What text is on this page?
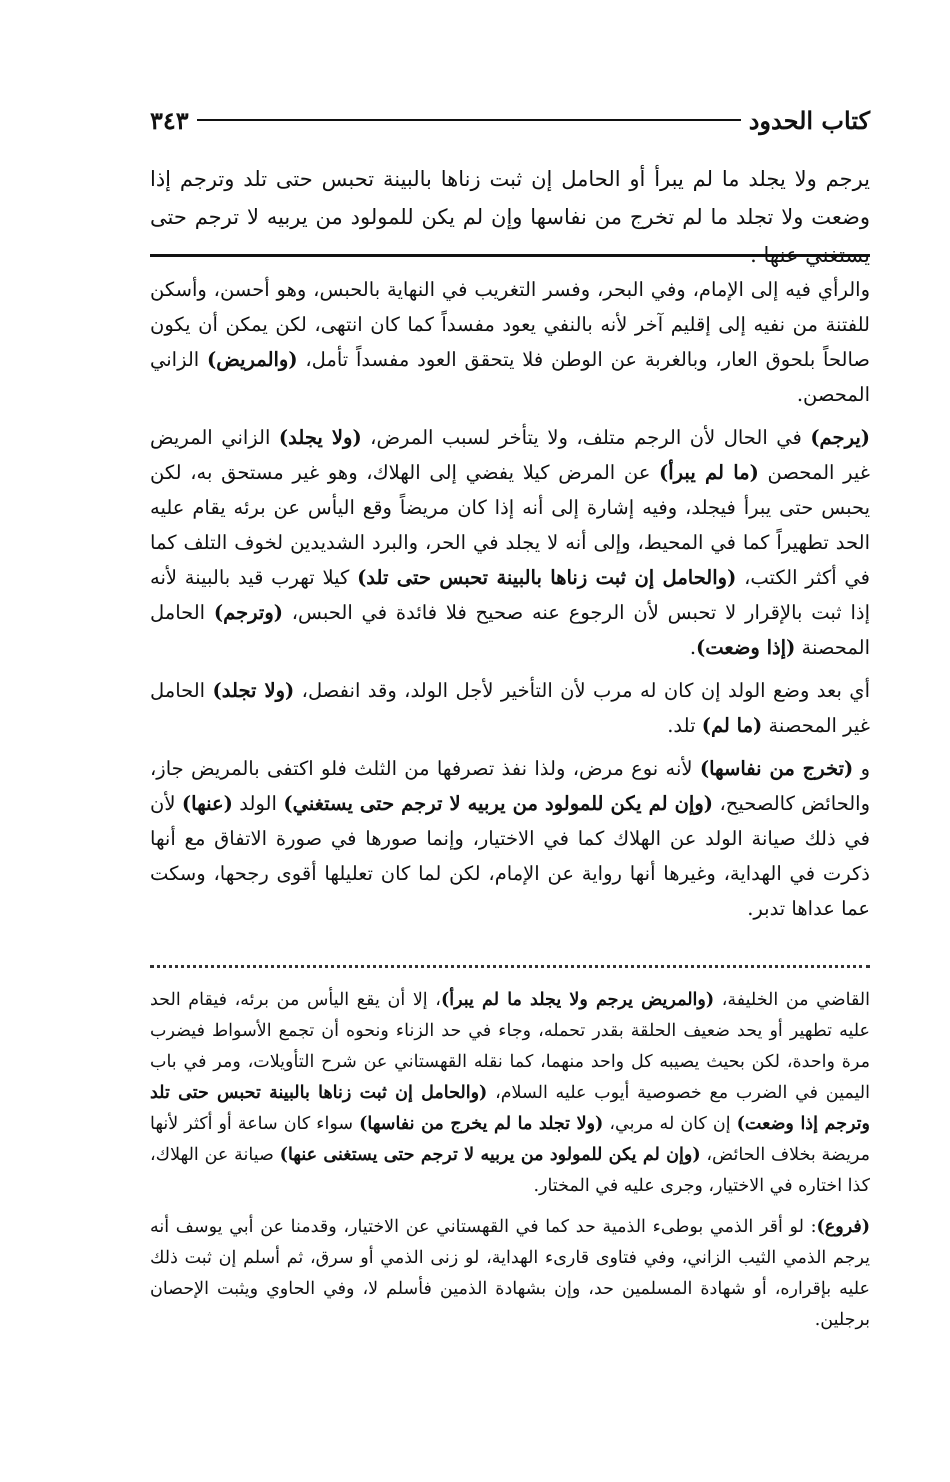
كتاب الحدود
٣٤٣
يرجم ولا يجلد ما لم يبرأ أو الحامل إن ثبت زناها بالبينة تحبس حتى تلد وترجم إذا وضعت ولا تجلد ما لم تخرج من نفاسها وإن لم يكن للمولود من يربيه لا ترجم حتى يستغني عنها .

والرأي فيه إلى الإمام، وفي البحر، وفسر التغريب في النهاية بالحبس، وهو أحسن، وأسكن للفتنة من نفيه إلى إقليم آخر لأنه بالنفي يعود مفسداً كما كان انتهى، لكن يمكن أن يكون صالحاً بلحوق العار، وبالغربة عن الوطن فلا يتحقق العود مفسداً تأمل، (والمريض) الزاني المحصن.

(يرجم) في الحال لأن الرجم متلف، ولا يتأخر لسبب المرض، (ولا يجلد) الزاني المريض غير المحصن (ما لم يبرأ) عن المرض كيلا يفضي إلى الهلاك، وهو غير مستحق به، لكن يحبس حتى يبرأ فيجلد، وفيه إشارة إلى أنه إذا كان مريضاً وقع اليأس عن برئه يقام عليه الحد تطهيراً كما في المحيط، وإلى أنه لا يجلد في الحر، والبرد الشديدين لخوف التلف كما في أكثر الكتب، (والحامل إن ثبت زناها بالبينة تحبس حتى تلد) كيلا تهرب قيد بالبينة لأنه إذا ثبت بالإقرار لا تحبس لأن الرجوع عنه صحيح فلا فائدة في الحبس، (وترجم) الحامل المحصنة (إذا وضعت).

أي بعد وضع الولد إن كان له مرب لأن التأخير لأجل الولد، وقد انفصل، (ولا تجلد) الحامل غير المحصنة (ما لم) تلد.

و (تخرج من نفاسها) لأنه نوع مرض، ولذا نفذ تصرفها من الثلث فلو اكتفى بالمريض جاز، والحائض كالصحيح، (وإن لم يكن للمولود من يربيه لا ترجم حتى يستغني) الولد (عنها) لأن في ذلك صيانة الولد عن الهلاك كما في الاختيار، وإنما صورها في صورة الاتفاق مع أنها ذكرت في الهداية، وغيرها أنها رواية عن الإمام، لكن لما كان تعليلها أقوى رجحها، وسكت عما عداها تدبر.

القاضي من الخليفة، (والمريض يرجم ولا يجلد ما لم يبرأ)، إلا أن يقع اليأس من برئه، فيقام الحد عليه تطهير أو يحد ضعيف الحلقة بقدر تحمله، وجاء في حد الزناء ونحوه أن تجمع الأسواط فيضرب مرة واحدة، لكن بحيث يصيبه كل واحد منهما، كما نقله القهستاني عن شرح التأويلات، ومر في باب اليمين في الضرب مع خصوصية أيوب عليه السلام، (والحامل إن ثبت زناها بالبينة تحبس حتى تلد وترجم إذا وضعت) إن كان له مربي، (ولا تجلد ما لم يخرج من نفاسها) سواء كان ساعة أو أكثر لأنها مريضة بخلاف الحائض، (وإن لم يكن للمولود من يربيه لا ترجم حتى يستغنى عنها) صيانة عن الهلاك، كذا اختاره في الاختيار، وجرى عليه في المختار.

(فروع): لو أقر الذمي بوطىء الذمية حد كما في القهستاني عن الاختيار، وقدمنا عن أبي يوسف أنه يرجم الذمي الثيب الزاني، وفي فتاوى قارىء الهداية، لو زنى الذمي أو سرق، ثم أسلم إن ثبت ذلك عليه بإقراره، أو شهادة المسلمين حد، وإن بشهادة الذمين فأسلم لا، وفي الحاوي ويثبت الإحصان برجلين.
